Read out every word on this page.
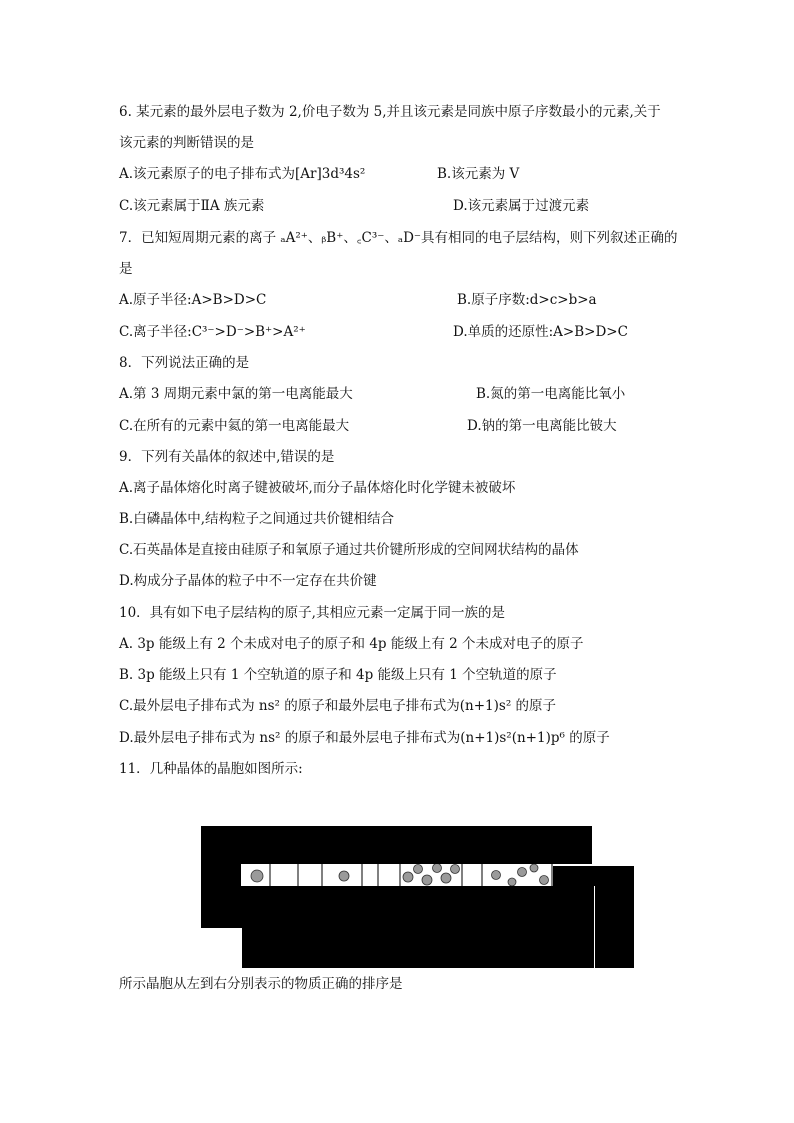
6. 某元素的最外层电子数为 2,价电子数为 5,并且该元素是同族中原子序数最小的元素,关于
该元素的判断错误的是
A.该元素原子的电子排布式为[Ar]3d³4s²	B.该元素为 V
C.该元素属于ⅡA 族元素	D.该元素属于过渡元素
7．已知短周期元素的离子 ₐA²⁺、ᵦB⁺、꜀C³⁻、ₐD⁻具有相同的电子层结构，则下列叙述正确的
是
A.原子半径:A>B>D>C	B.原子序数:d>c>b>a
C.离子半径:C³⁻>D⁻>B⁺>A²⁺	D.单质的还原性:A>B>D>C
8．下列说法正确的是
A.第 3 周期元素中氯的第一电离能最大	B.氮的第一电离能比氧小
C.在所有的元素中氦的第一电离能最大	D.钠的第一电离能比铍大
9．下列有关晶体的叙述中,错误的是
A.离子晶体熔化时离子键被破坏,而分子晶体熔化时化学键未被破坏
B.白磷晶体中,结构粒子之间通过共价键相结合
C.石英晶体是直接由硅原子和氧原子通过共价键所形成的空间网状结构的晶体
D.构成分子晶体的粒子中不一定存在共价键
10．具有如下电子层结构的原子,其相应元素一定属于同一族的是
A. 3p 能级上有 2 个未成对电子的原子和 4p 能级上有 2 个未成对电子的原子
B. 3p 能级上只有 1 个空轨道的原子和 4p 能级上只有 1 个空轨道的原子
C.最外层电子排布式为 ns² 的原子和最外层电子排布式为(n+1)s² 的原子
D.最外层电子排布式为 ns² 的原子和最外层电子排布式为(n+1)s²(n+1)p⁶ 的原子
11．几种晶体的晶胞如图所示:
所示晶胞从左到右分别表示的物质正确的排序是
